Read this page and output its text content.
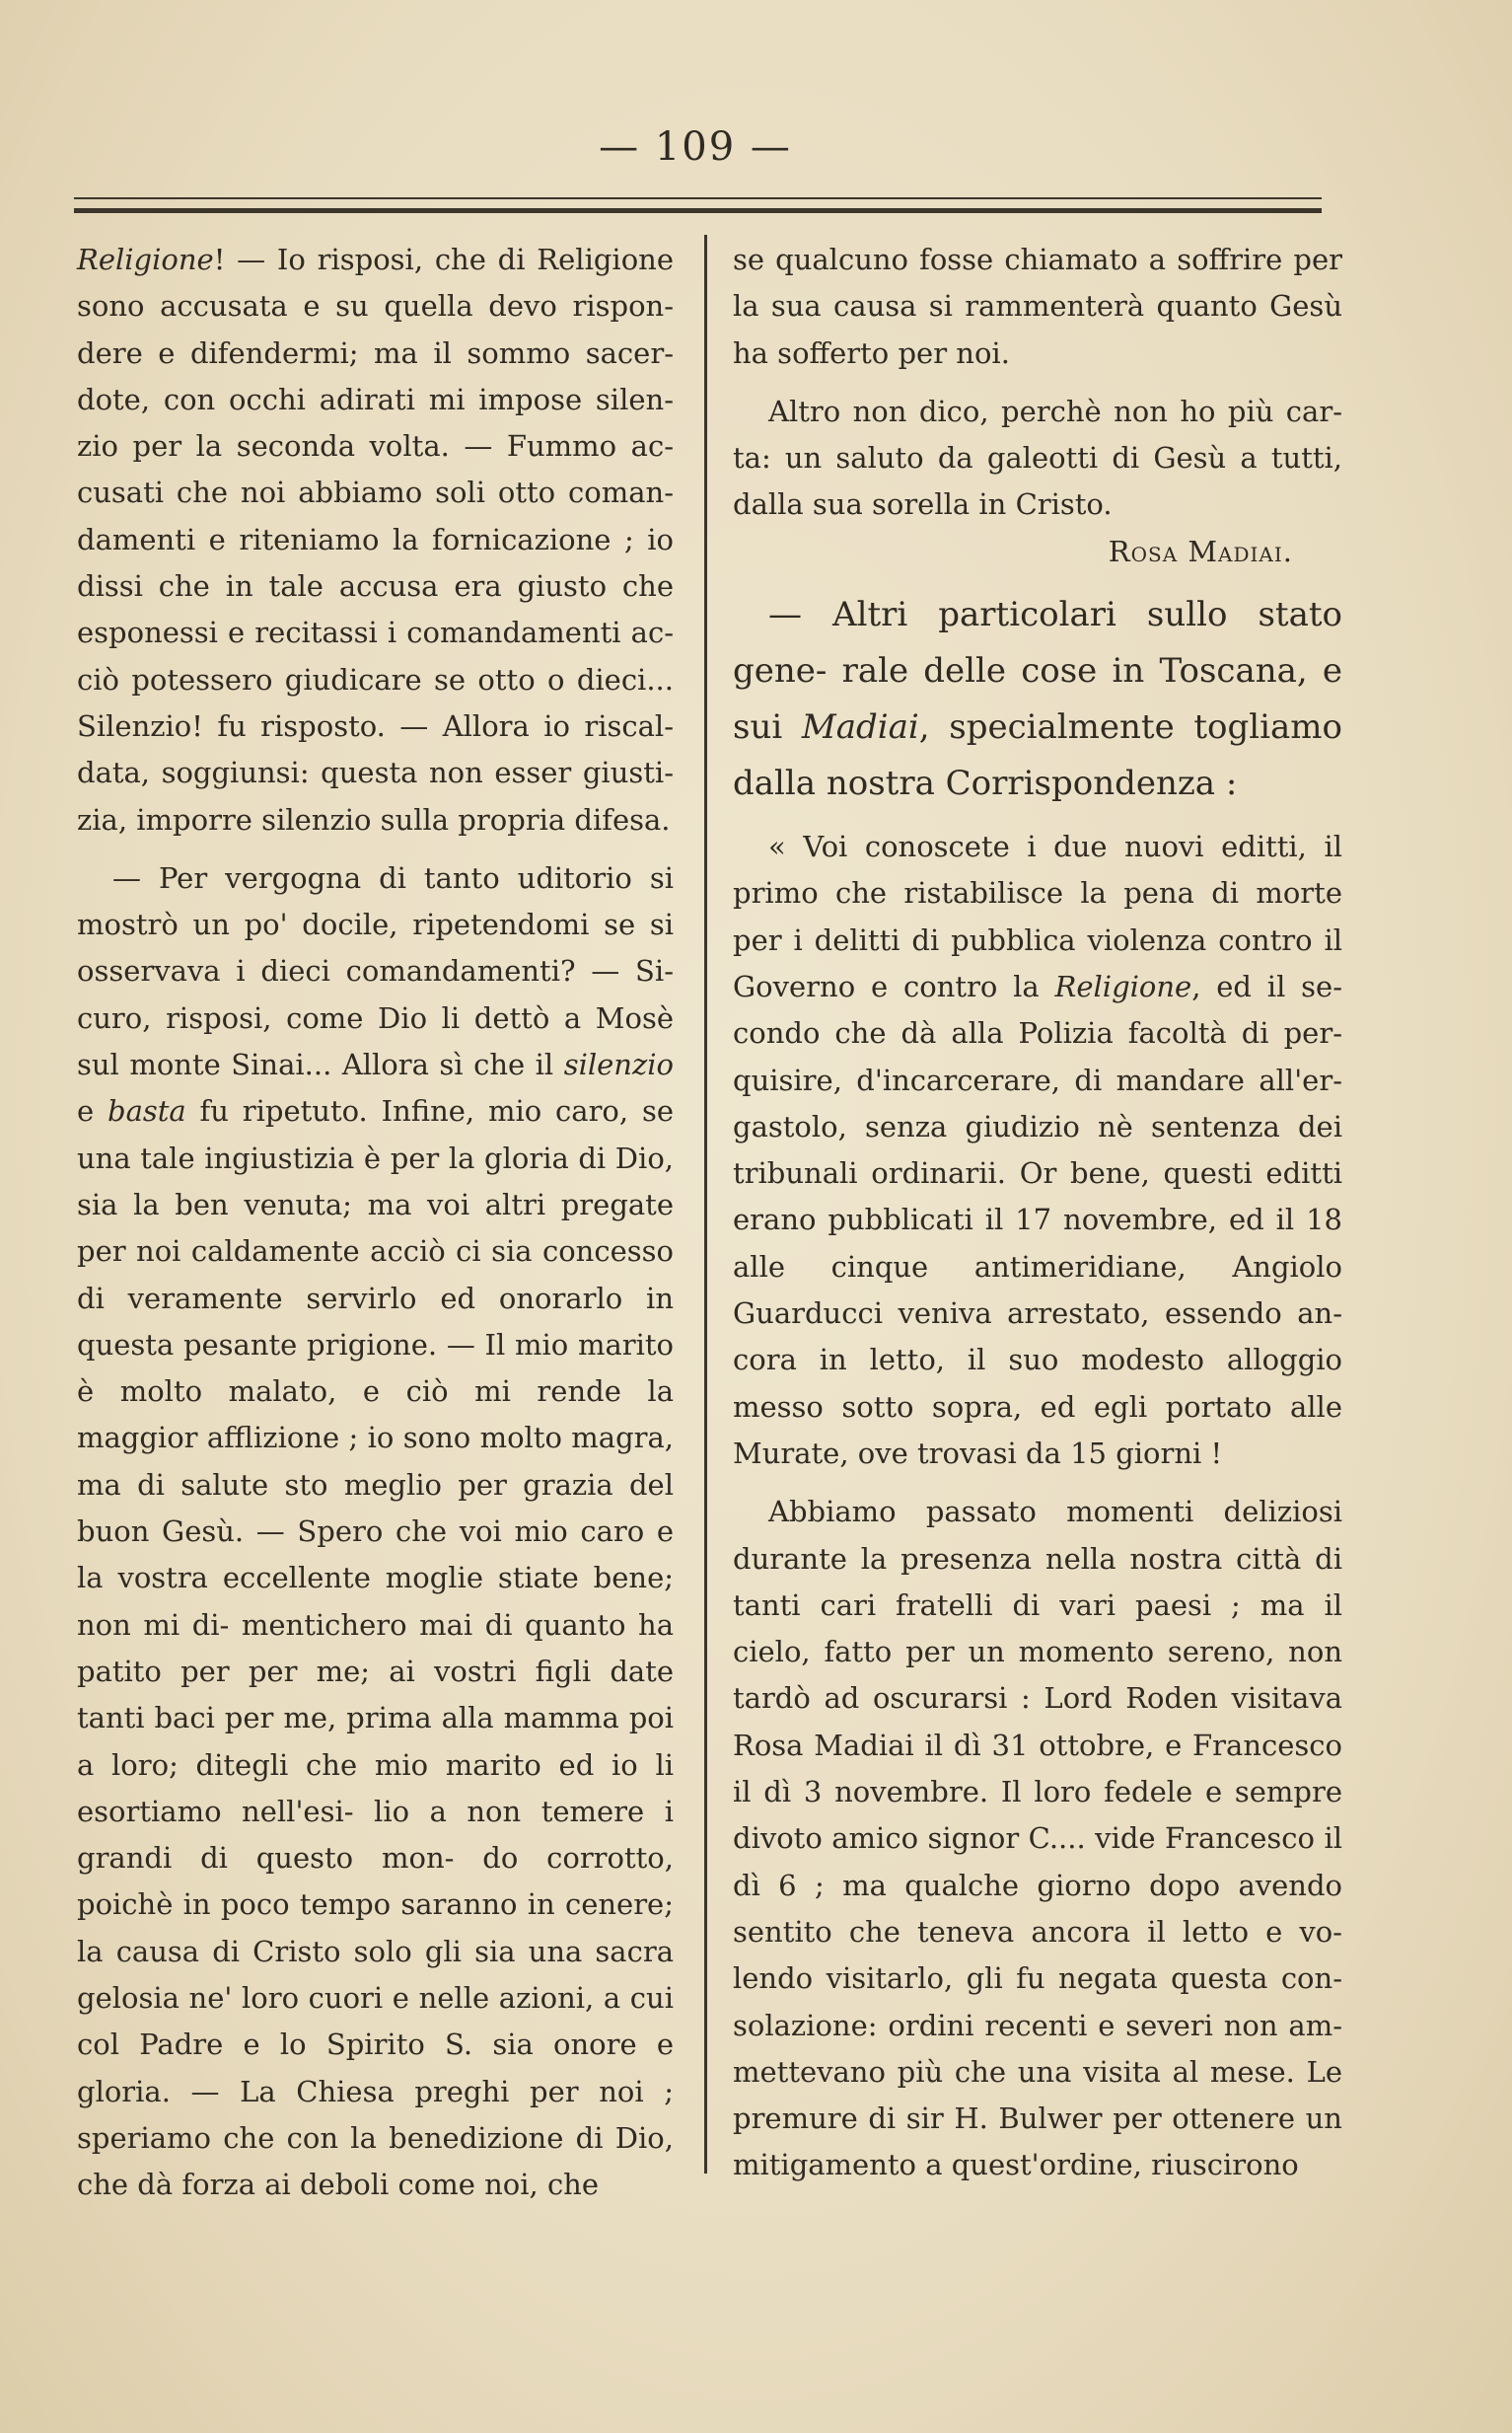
— 109 —

Religione! — Io risposi, che di Religione sono accusata e su quella devo rispon- dere e difendermi; ma il sommo sacer- dote, con occhi adirati mi impose silen- zio per la seconda volta. — Fummo ac- cusati che noi abbiamo soli otto coman- damenti e riteniamo la fornicazione ; io dissi che in tale accusa era giusto che esponessi e recitassi i comandamenti ac- ciò potessero giudicare se otto o dieci... Silenzio! fu risposto. — Allora io riscal- data, soggiunsi: questa non esser giusti- zia, imporre silenzio sulla propria difesa.

— Per vergogna di tanto uditorio si mostrò un po' docile, ripetendomi se si osservava i dieci comandamenti? — Si- curo, risposi, come Dio li dettò a Mosè sul monte Sinai... Allora sì che il silenzio e basta fu ripetuto. Infine, mio caro, se una tale ingiustizia è per la gloria di Dio, sia la ben venuta; ma voi altri pregate per noi caldamente acciò ci sia concesso di veramente servirlo ed onorarlo in questa pesante prigione. — Il mio marito è molto malato, e ciò mi rende la maggior afflizione ; io sono molto magra, ma di salute sto meglio per grazia del buon Gesù. — Spero che voi mio caro e la vostra eccellente moglie stiate bene; non mi di- mentichero mai di quanto ha patito per per me; ai vostri figli date tanti baci per me, prima alla mamma poi a loro; ditegli che mio marito ed io li esortiamo nell'esi- lio a non temere i grandi di questo mon- do corrotto, poichè in poco tempo saranno in cenere; la causa di Cristo solo gli sia una sacra gelosia ne' loro cuori e nelle azioni, a cui col Padre e lo Spirito S. sia onore e gloria. — La Chiesa preghi per noi ; speriamo che con la benedizione di Dio, che dà forza ai deboli come noi, che

se qualcuno fosse chiamato a soffrire per la sua causa si rammenterà quanto Gesù ha sofferto per noi.

Altro non dico, perchè non ho più car- ta: un saluto da galeotti di Gesù a tutti, dalla sua sorella in Cristo.

Rosa Madiai.

— Altri particolari sullo stato gene- rale delle cose in Toscana, e sui Madiai, specialmente togliamo dalla nostra Corrispondenza :

« Voi conoscete i due nuovi editti, il primo che ristabilisce la pena di morte per i delitti di pubblica violenza contro il Governo e contro la Religione, ed il se- condo che dà alla Polizia facoltà di per- quisire, d'incarcerare, di mandare all'er- gastolo, senza giudizio nè sentenza dei tribunali ordinarii. Or bene, questi editti erano pubblicati il 17 novembre, ed il 18 alle cinque antimeridiane, Angiolo Guarducci veniva arrestato, essendo an- cora in letto, il suo modesto alloggio messo sotto sopra, ed egli portato alle Murate, ove trovasi da 15 giorni !

Abbiamo passato momenti deliziosi durante la presenza nella nostra città di tanti cari fratelli di vari paesi ; ma il cielo, fatto per un momento sereno, non tardò ad oscurarsi : Lord Roden visitava Rosa Madiai il dì 31 ottobre, e Francesco il dì 3 novembre. Il loro fedele e sempre divoto amico signor C.... vide Francesco il dì 6 ; ma qualche giorno dopo avendo sentito che teneva ancora il letto e vo- lendo visitarlo, gli fu negata questa con- solazione: ordini recenti e severi non am- mettevano più che una visita al mese. Le premure di sir H. Bulwer per ottenere un mitigamento a quest'ordine, riuscirono
